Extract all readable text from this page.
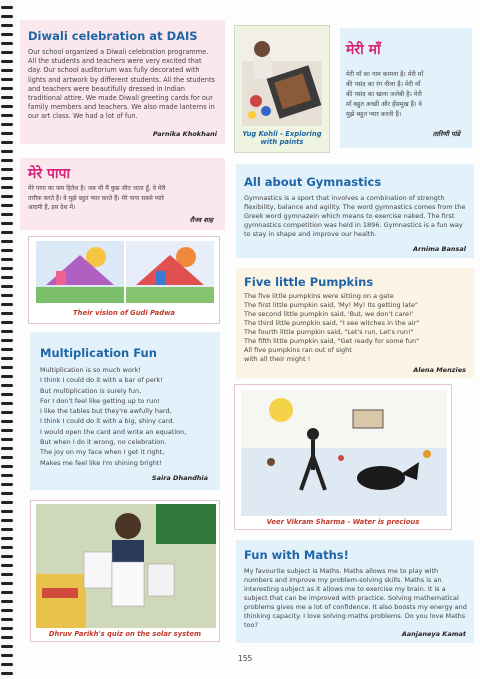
Diwali celebration at DAIS
Our school organized a Diwali celebration programme. All the students and teachers were very excited that day. Our school auditorium was fully decorated with lights and artwork by different students. All the students and teachers were beautifully dressed in Indian traditional attire. We made Diwali greeting cards for our family members and teachers. We also made lanterns in our art class. We had a lot of fun.
Parnika Khokhani	Yug Kohli - Exploring
with paints
मेरी माँ
मेरी माँ का नाम कामना है। मेरी माँ
की पसंद का रंग नीला है। मेरी माँ
की पसंद का खाना जलेबी है। मेरी
माँ बहुत अच्छी और हँसमुख हैं। वे
मुझे बहुत प्यार करती हैं।
तारिणी पांडे
मेरे पापा
मेरे पापा का नाम हितेश है। जब भी मैं कुछ जीत जाता हूँ, वे मेरी
तारीफ़ करते हैं। वे मुझे बहुत प्यार करते हैं। मेरे पापा सबसे प्यारे
आदमी हैं, इस देश में।
रौनव शाह
All about Gymnastics
Gymnastics is a sport that involves a combination of strength flexibility, balance and agility. The word gymnastics comes from the Greek word gymnazein which means to exercise naked. The first gymnastics competition was held in 1896. Gymnastics is a fun way to stay in shape and improve our health.
Arnima Bansal
Their vision of Gudi Padwa
Five little Pumpkins
The five little pumpkins were sitting on a gate
The first little pumpkin said, 'My! My! Its getting late"
The second little pumpkin said, 'But, we don't care!'
The third little pumpkin said, "I see witches in the air"
The fourth little pumpkin said, "Let's run, Let's run!"
The fifth little pumpkin said, "Get ready for some fun"
All five pumpkins ran out of sight
with all their might !
Alena Menzies
Multiplication Fun
Multiplication is so much work!
I think I could do it with a bar of perk!
But multiplication is surely fun,
For I don't feel like getting up to run!
I like the tables but they're awfully hard,
I think I could do it with a big, shiny card.
I would open the card and write an equation,
But when I do it wrong, no celebration.
The joy on my face when I get it right,
Makes me feel like I'm shining bright!
Saira Dhandhia
Veer Vikram Sharma - Water is precious
Dhruv Parikh's quiz on the solar system
Fun with Maths!
My favourite subject is Maths. Maths allows me to play with numbers and improve my problem-solving skills. Maths is an interesting subject as it allows me to exercise my brain. It is a subject that can be improved with practice. Solving mathematical problems gives me a lot of confidence. It also boosts my energy and thinking capacity. I love solving maths problems. Do you love Maths too?
Aanjaneya Kamat
155
